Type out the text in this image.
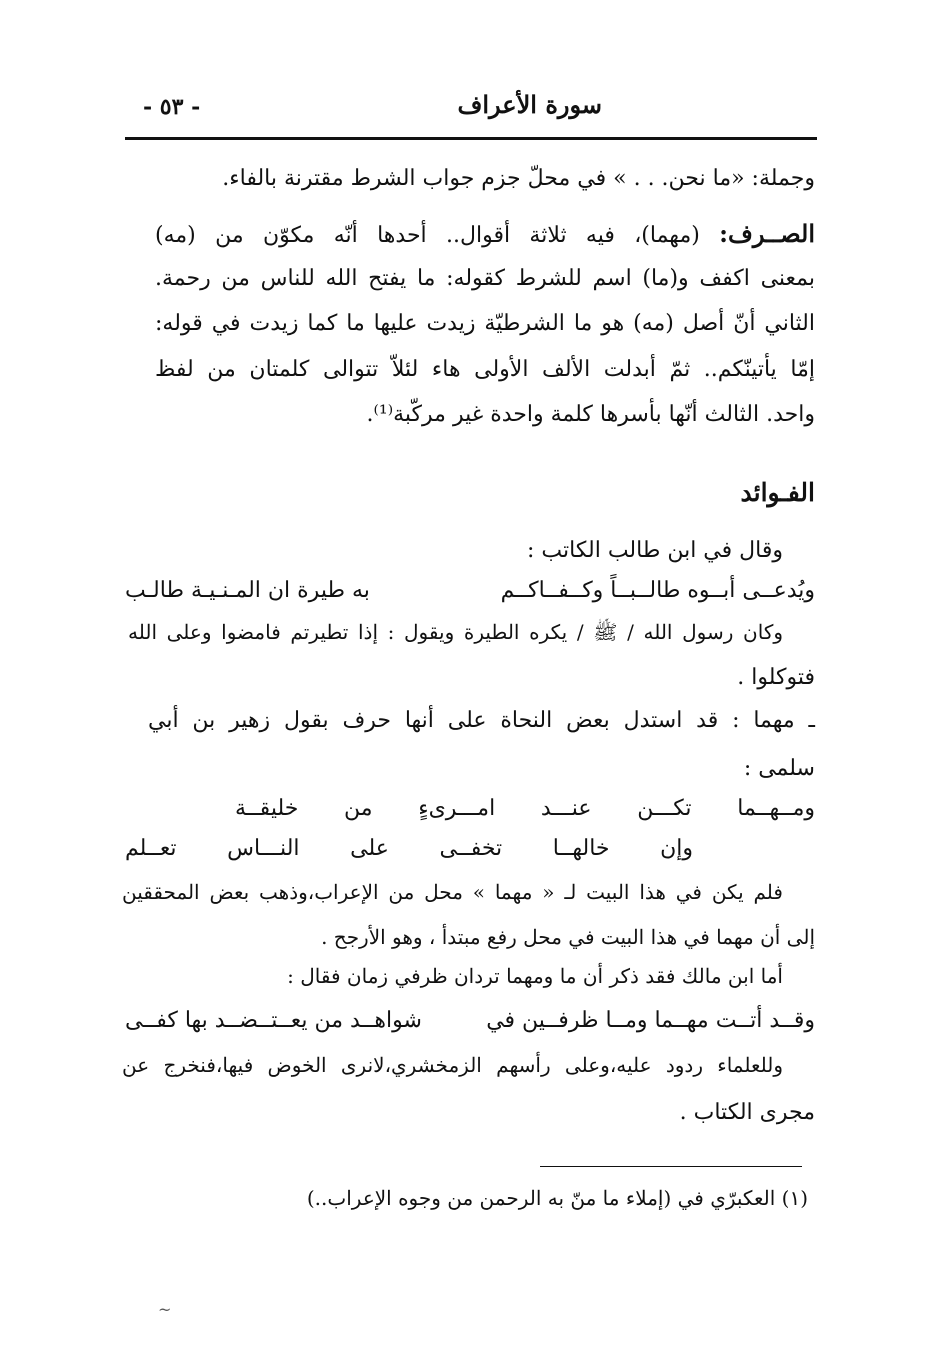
سورة الأعراف
- ٥٣ -
وجملة: «ما نحن. . . » في محلّ جزم جواب الشرط مقترنة بالفاء.
الصــرف: (مهما)، فيه ثلاثة أقوال.. أحدها أنّه مكوّن من (مه)
بمعنى اكفف و(ما) اسم للشرط كقوله: ما يفتح الله للناس من رحمة.
الثاني أنّ أصل (مه) هو ما الشرطيّة زيدت عليها ما كما زيدت في قوله:
إمّا يأتينّكم.. ثمّ أبدلت الألف الأولى هاء لئلاّ تتوالى كلمتان من لفظ
واحد. الثالث أنّها بأسرها كلمة واحدة غير مركّبة⁽¹⁾.
الفـوائد
وقال في ابن طالب الكاتب :
ويُدعــى أبــوه طالــبــاً وكــفــاكــم
به طيرة ان المـنـيـة طالـب
وكان رسول الله / ﷺ / يكره الطيرة ويقول : إذا تطيرتم فامضوا وعلى الله
فتوكلوا .
ـ مهما : قد استدل بعض النحاة على أنها حرف بقول زهير بن أبي
سلمى :
ومــهــما تكـــن عنـــد امـــرىءٍ من خليقــة
وإن خالهــا تخفــى على النـــاس تعــلم
فلم يكن في هذا البيت لـ « مهما » محل من الإعراب،وذهب بعض المحققين
إلى أن مهما في هذا البيت في محل رفع مبتدأ ، وهو الأرجح .
أما ابن مالك فقد ذكر أن ما ومهما تردان ظرفي زمان فقال :
وقــد أتــت مهــما ومــا ظرفــين في
شواهــد من يعــتــضــد بها كفــى
وللعلماء ردود عليه،وعلى رأسهم الزمخشري،لانرى الخوض فيها،فنخرج عن
مجرى الكتاب .
(١) العكبرّي في (إملاء ما منّ به الرحمن من وجوه الإعراب..)
~
